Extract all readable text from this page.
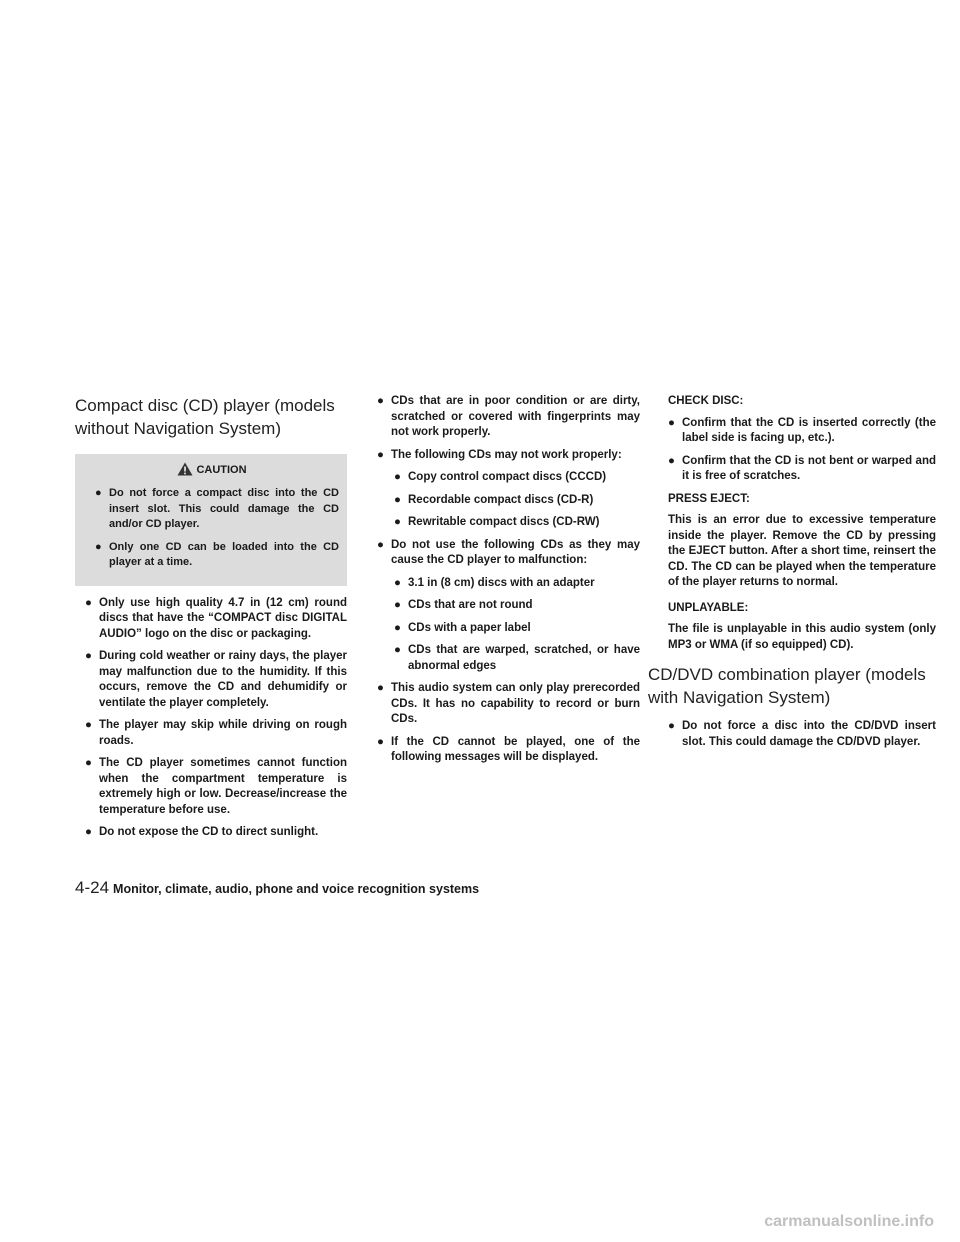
Compact disc (CD) player (models without Navigation System)
CAUTION
● Do not force a compact disc into the CD insert slot. This could damage the CD and/or CD player.
● Only one CD can be loaded into the CD player at a time.
● Only use high quality 4.7 in (12 cm) round discs that have the “COMPACT disc DIGITAL AUDIO” logo on the disc or packaging.
● During cold weather or rainy days, the player may malfunction due to the humidity. If this occurs, remove the CD and dehumidify or ventilate the player completely.
● The player may skip while driving on rough roads.
● The CD player sometimes cannot function when the compartment temperature is extremely high or low. Decrease/increase the temperature before use.
● Do not expose the CD to direct sunlight.
● CDs that are in poor condition or are dirty, scratched or covered with fingerprints may not work properly.
● The following CDs may not work properly:
● Copy control compact discs (CCCD)
● Recordable compact discs (CD-R)
● Rewritable compact discs (CD-RW)
● Do not use the following CDs as they may cause the CD player to malfunction:
● 3.1 in (8 cm) discs with an adapter
● CDs that are not round
● CDs with a paper label
● CDs that are warped, scratched, or have abnormal edges
● This audio system can only play prerecorded CDs. It has no capability to record or burn CDs.
● If the CD cannot be played, one of the following messages will be displayed.
CHECK DISC:
● Confirm that the CD is inserted correctly (the label side is facing up, etc.).
● Confirm that the CD is not bent or warped and it is free of scratches.
PRESS EJECT:
This is an error due to excessive temperature inside the player. Remove the CD by pressing the EJECT button. After a short time, reinsert the CD. The CD can be played when the temperature of the player returns to normal.
UNPLAYABLE:
The file is unplayable in this audio system (only MP3 or WMA (if so equipped) CD).
CD/DVD combination player (models with Navigation System)
● Do not force a disc into the CD/DVD insert slot. This could damage the CD/DVD player.
4-24 Monitor, climate, audio, phone and voice recognition systems
carmanualsonline.info
